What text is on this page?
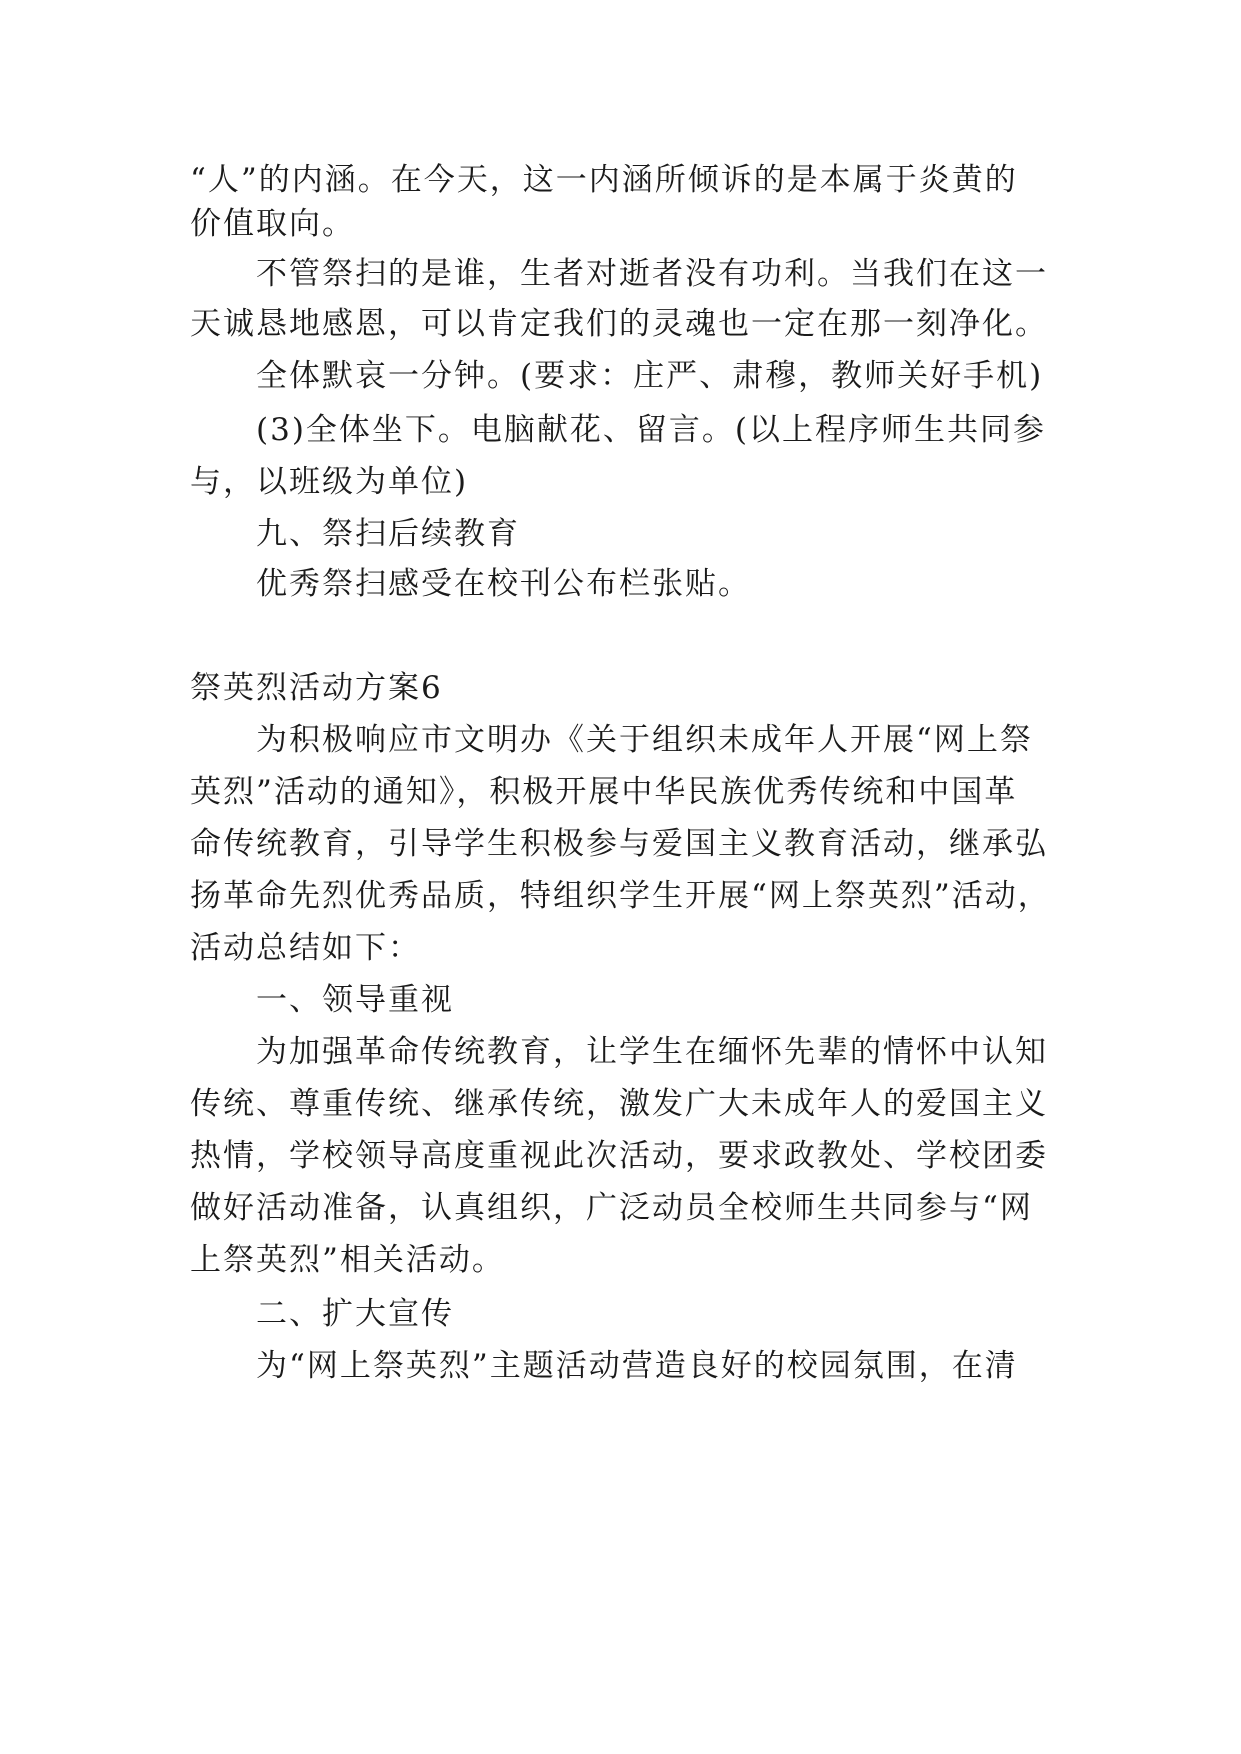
“人”的内涵。在今天，这一内涵所倾诉的是本属于炎黄的
价值取向。
不管祭扫的是谁，生者对逝者没有功利。当我们在这一
天诚恳地感恩，可以肯定我们的灵魂也一定在那一刻净化。
全体默哀一分钟。(要求：庄严、肃穆，教师关好手机)
(3)全体坐下。电脑献花、留言。(以上程序师生共同参
与，以班级为单位)
九、祭扫后续教育
优秀祭扫感受在校刊公布栏张贴。
祭英烈活动方案6
为积极响应市文明办《关于组织未成年人开展“网上祭
英烈”活动的通知》，积极开展中华民族优秀传统和中国革
命传统教育，引导学生积极参与爱国主义教育活动，继承弘
扬革命先烈优秀品质，特组织学生开展“网上祭英烈”活动，
活动总结如下：
一、领导重视
为加强革命传统教育，让学生在缅怀先辈的情怀中认知
传统、尊重传统、继承传统，激发广大未成年人的爱国主义
热情，学校领导高度重视此次活动，要求政教处、学校团委
做好活动准备，认真组织，广泛动员全校师生共同参与“网
上祭英烈”相关活动。
二、扩大宣传
为“网上祭英烈”主题活动营造良好的校园氛围，在清
